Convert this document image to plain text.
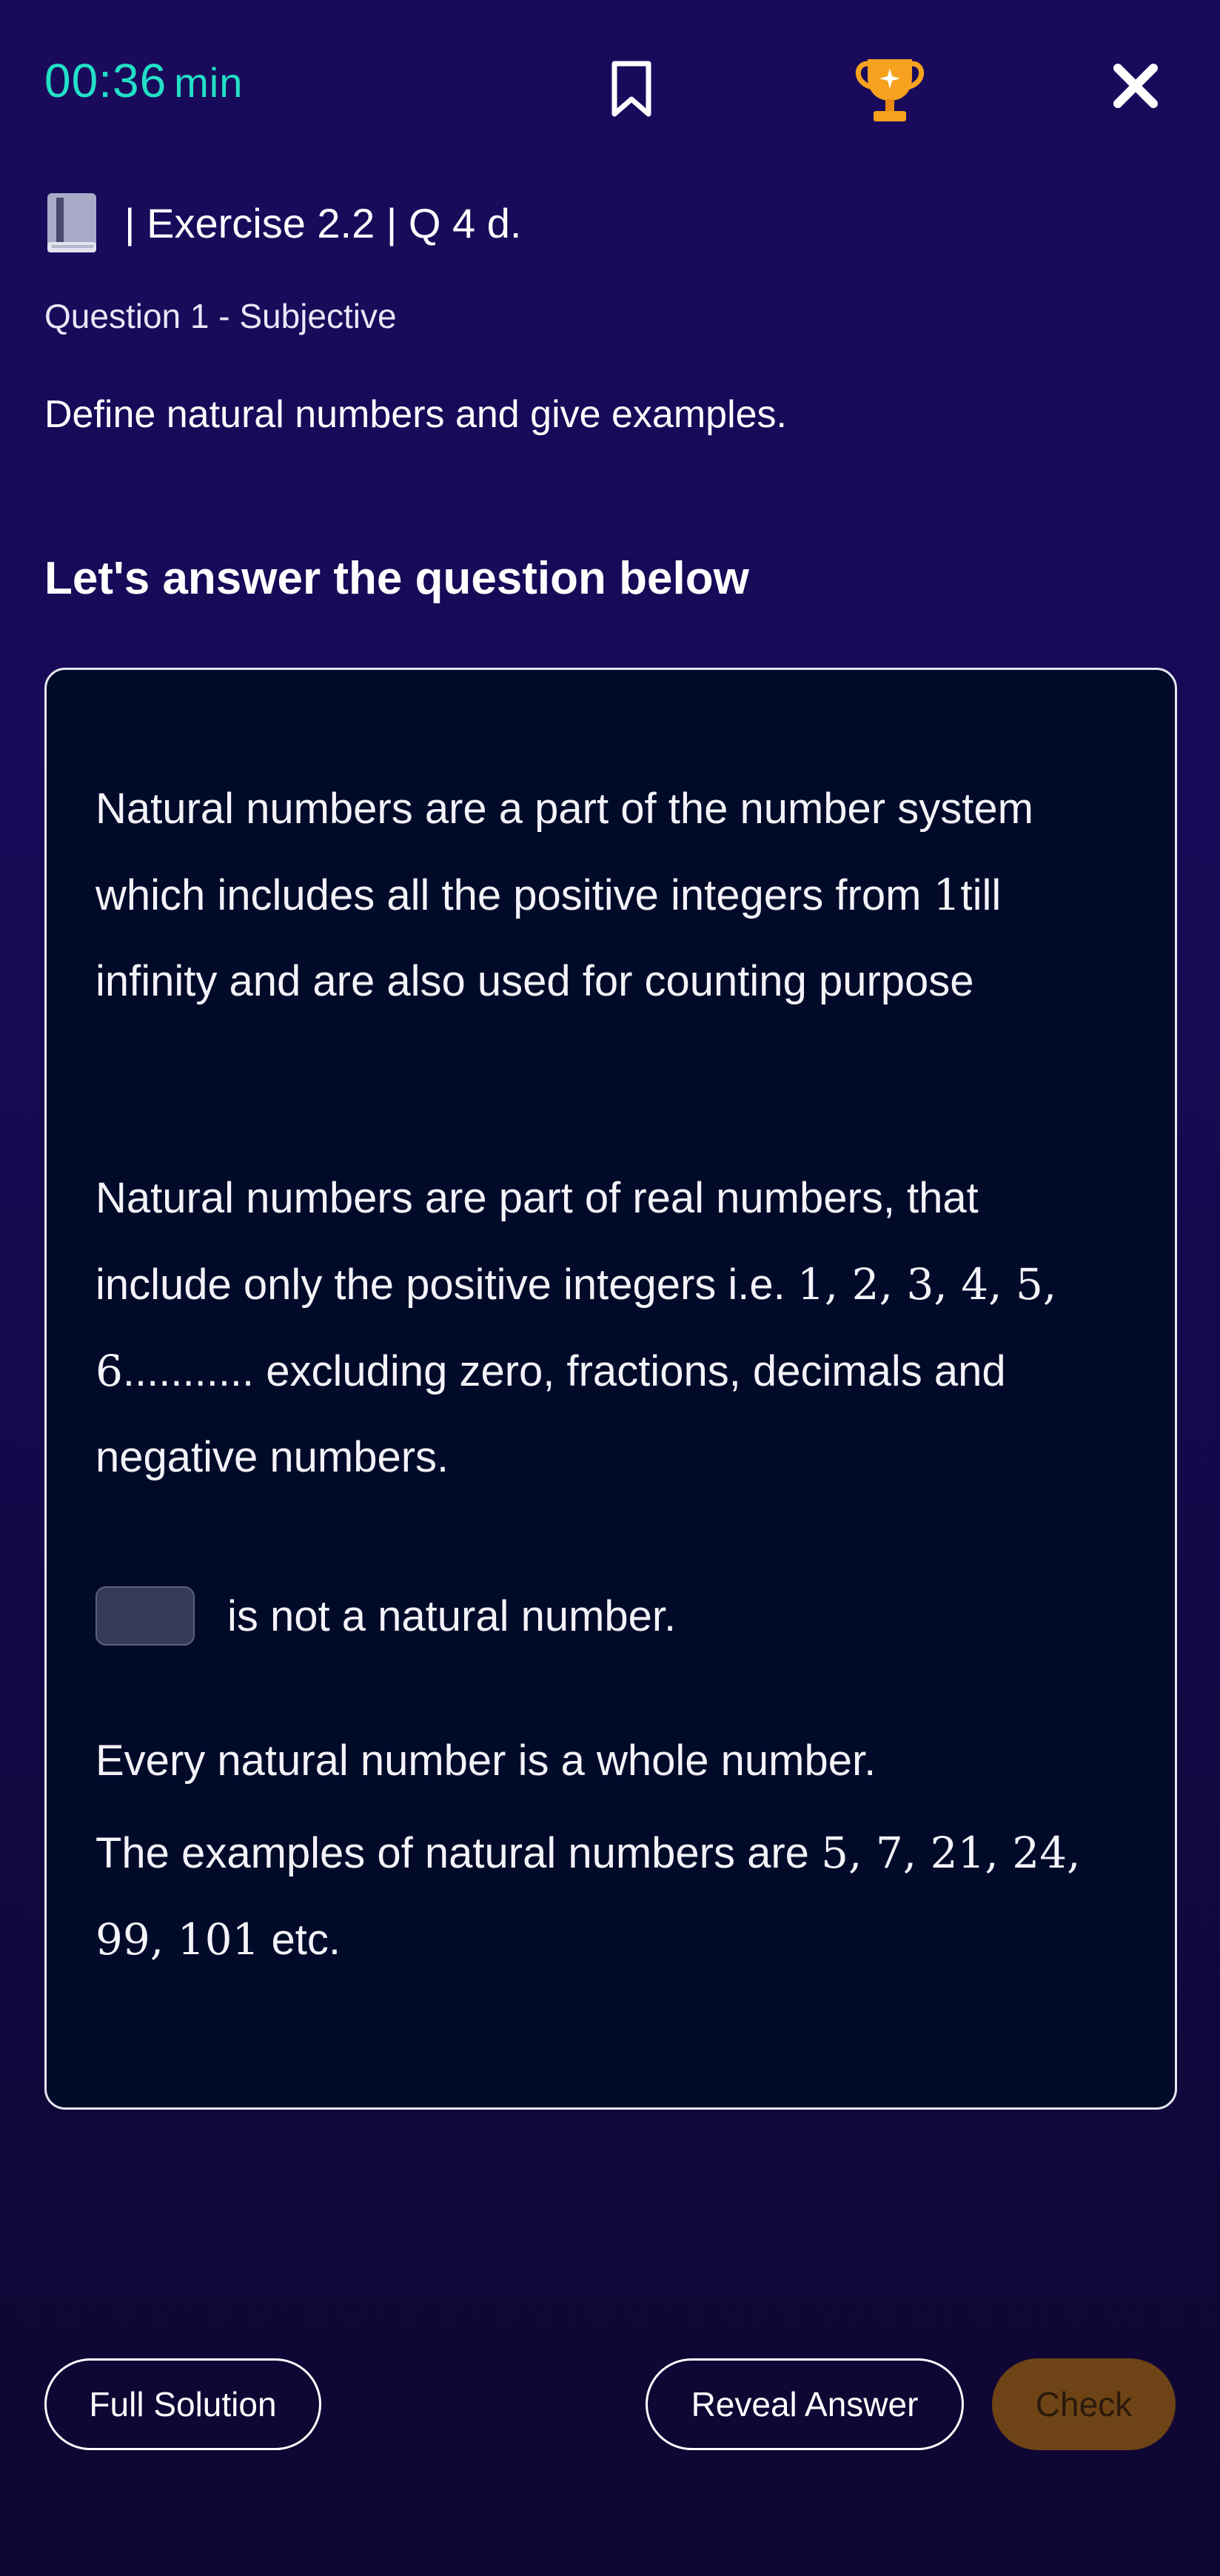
00:36 min
| Exercise 2.2 | Q 4 d.
Question 1 - Subjective
Define natural numbers and give examples.
Let's answer the question below

Natural numbers are a part of the number system which includes all the positive integers from 1till infinity and are also used for counting purpose

Natural numbers are part of real numbers, that include only the positive integers i.e. 1, 2, 3, 4, 5, 6........... excluding zero, fractions, decimals and negative numbers.

is not a natural number.

Every natural number is a whole number.

The examples of natural numbers are 5, 7, 21, 24, 99, 101 etc.

Full Solution	Reveal Answer	Check
